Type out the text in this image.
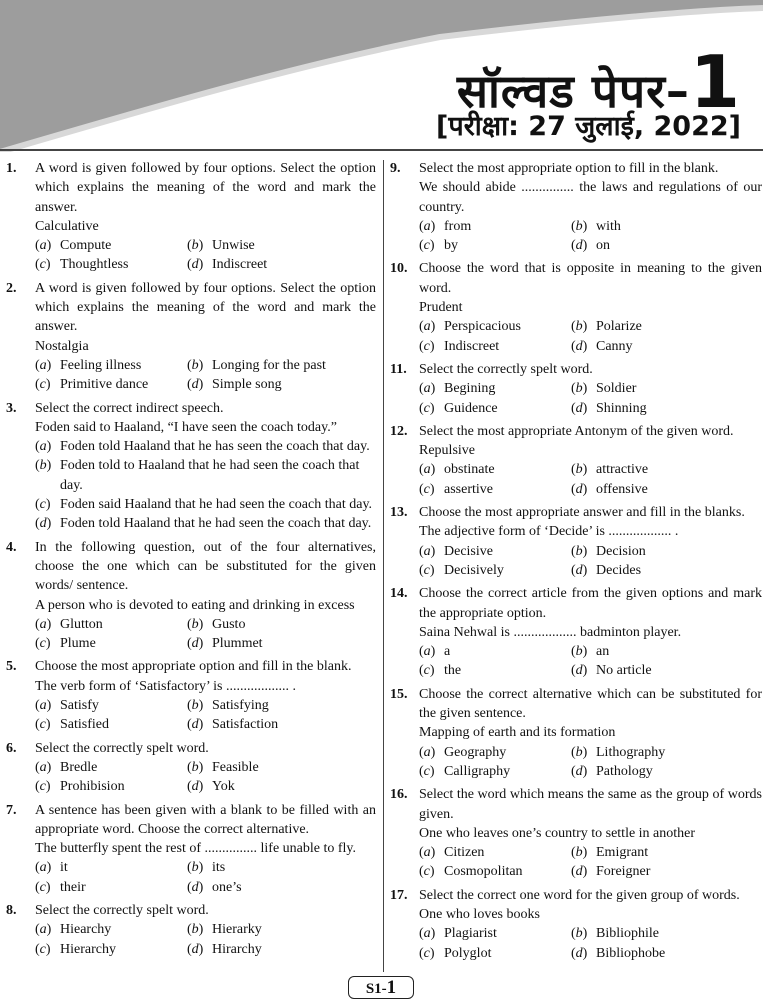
सॉल्वड पेपर–1
[परीक्षा: 27 जुलाई, 2022]
1.	A word is given followed by four options. Select the option which explains the meaning of the word and mark the answer.
Calculative
(a) Compute	(b) Unwise
(c) Thoughtless	(d) Indiscreet
2.	A word is given followed by four options. Select the option which explains the meaning of the word and mark the answer.
Nostalgia
(a) Feeling illness	(b) Longing for the past
(c) Primitive dance	(d) Simple song
3.	Select the correct indirect speech.
Foden said to Haaland, “I have seen the coach today.”
(a) Foden told Haaland that he has seen the coach that day.
(b) Foden told to Haaland that he had seen the coach that day.
(c) Foden said Haaland that he had seen the coach that day.
(d) Foden told Haaland that he had seen the coach that day.
4.	In the following question, out of the four alternatives, choose the one which can be substituted for the given words/ sentence.
A person who is devoted to eating and drinking in excess
(a) Glutton	(b) Gusto
(c) Plume	(d) Plummet
5.	Choose the most appropriate option and fill in the blank.
The verb form of ‘Satisfactory’ is .................. .
(a) Satisfy	(b) Satisfying
(c) Satisfied	(d) Satisfaction
6.	Select the correctly spelt word.
(a) Bredle	(b) Feasible
(c) Prohibision	(d) Yok
7.	A sentence has been given with a blank to be filled with an appropriate word. Choose the correct alternative.
The butterfly spent the rest of ............... life unable to fly.
(a) it	(b) its
(c) their	(d) one’s
8.	Select the correctly spelt word.
(a) Hiearchy	(b) Hierarky
(c) Hierarchy	(d) Hirarchy
9.	Select the most appropriate option to fill in the blank.
We should abide ............... the laws and regulations of our country.
(a) from	(b) with
(c) by	(d) on
10. Choose the word that is opposite in meaning to the given word.
Prudent
(a) Perspicacious	(b) Polarize
(c) Indiscreet	(d) Canny
11. Select the correctly spelt word.
(a) Begining	(b) Soldier
(c) Guidence	(d) Shinning
12. Select the most appropriate Antonym of the given word.
Repulsive
(a) obstinate	(b) attractive
(c) assertive	(d) offensive
13. Choose the most appropriate answer and fill in the blanks.
The adjective form of ‘Decide’ is .................. .
(a) Decisive	(b) Decision
(c) Decisively	(d) Decides
14. Choose the correct article from the given options and mark the appropriate option.
Saina Nehwal is .................. badminton player.
(a) a	(b) an
(c) the	(d) No article
15. Choose the correct alternative which can be substituted for the given sentence.
Mapping of earth and its formation
(a) Geography	(b) Lithography
(c) Calligraphy	(d) Pathology
16. Select the word which means the same as the group of words given.
One who leaves one’s country to settle in another
(a) Citizen	(b) Emigrant
(c) Cosmopolitan	(d) Foreigner
17. Select the correct one word for the given group of words.
One who loves books
(a) Plagiarist	(b) Bibliophile
(c) Polyglot	(d) Bibliophobe
S1-1
